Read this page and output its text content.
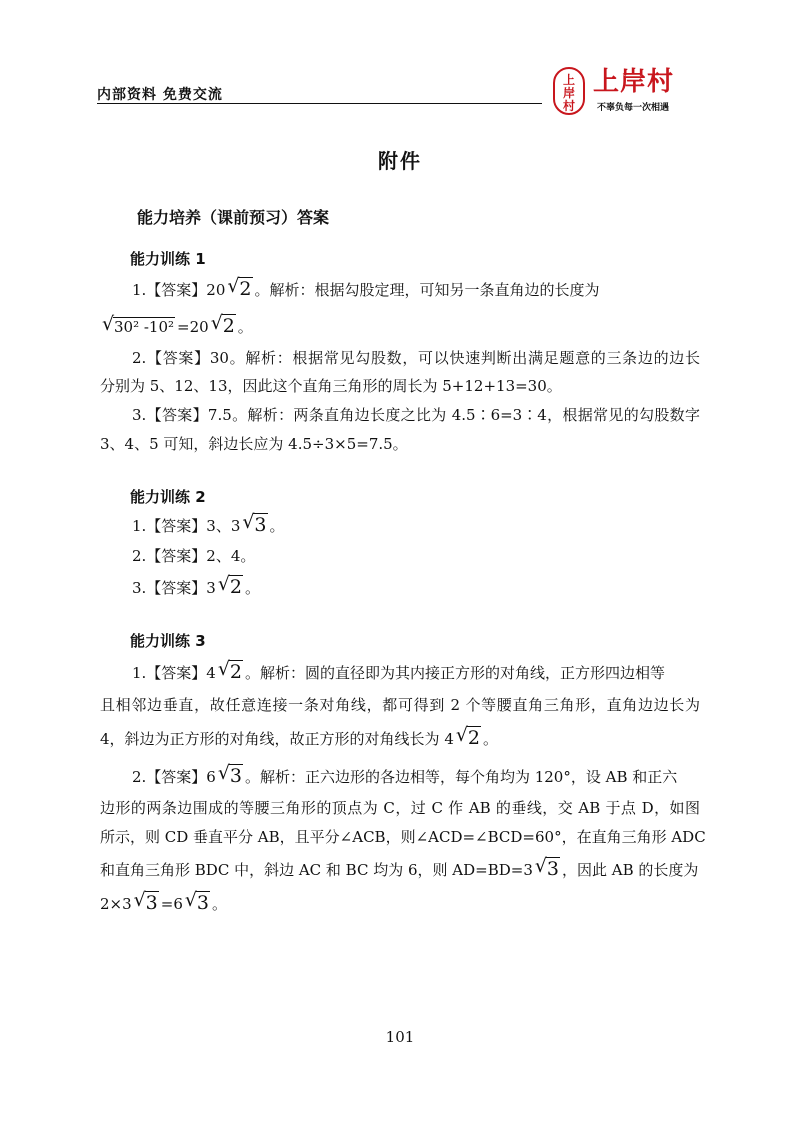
内部资料 免费交流
上
岸
村
上岸村
不辜负每一次相遇
附件
能力培养（课前预习）答案
能力训练 1
1.【答案】20 √ 2 。解析：根据勾股定理，可知另一条直角边的长度为
√ 30² -10² =20 √ 2 。
2.【答案】30。解析：根据常见勾股数，可以快速判断出满足题意的三条边的边长
分别为 5、12、13，因此这个直角三角形的周长为 5+12+13=30。
3.【答案】7.5。解析：两条直角边长度之比为 4.5∶6=3∶4，根据常见的勾股数字
3、4、5 可知，斜边长应为 4.5÷3×5=7.5。
能力训练 2
1.【答案】3、3 √ 3 。
2.【答案】2、4。
3.【答案】3 √ 2 。
能力训练 3
1.【答案】4 √ 2 。解析：圆的直径即为其内接正方形的对角线，正方形四边相等
且相邻边垂直，故任意连接一条对角线，都可得到 2 个等腰直角三角形，直角边边长为
4，斜边为正方形的对角线，故正方形的对角线长为 4 √ 2 。
2.【答案】6 √ 3 。解析：正六边形的各边相等，每个角均为 120°，设 AB 和正六
边形的两条边围成的等腰三角形的顶点为 C，过 C 作 AB 的垂线，交 AB 于点 D，如图
所示，则 CD 垂直平分 AB，且平分∠ACB，则∠ACD=∠BCD=60°，在直角三角形 ADC
和直角三角形 BDC 中，斜边 AC 和 BC 均为 6，则 AD=BD=3 √ 3 ，因此 AB 的长度为
2×3 √ 3 =6 √ 3 。
101
